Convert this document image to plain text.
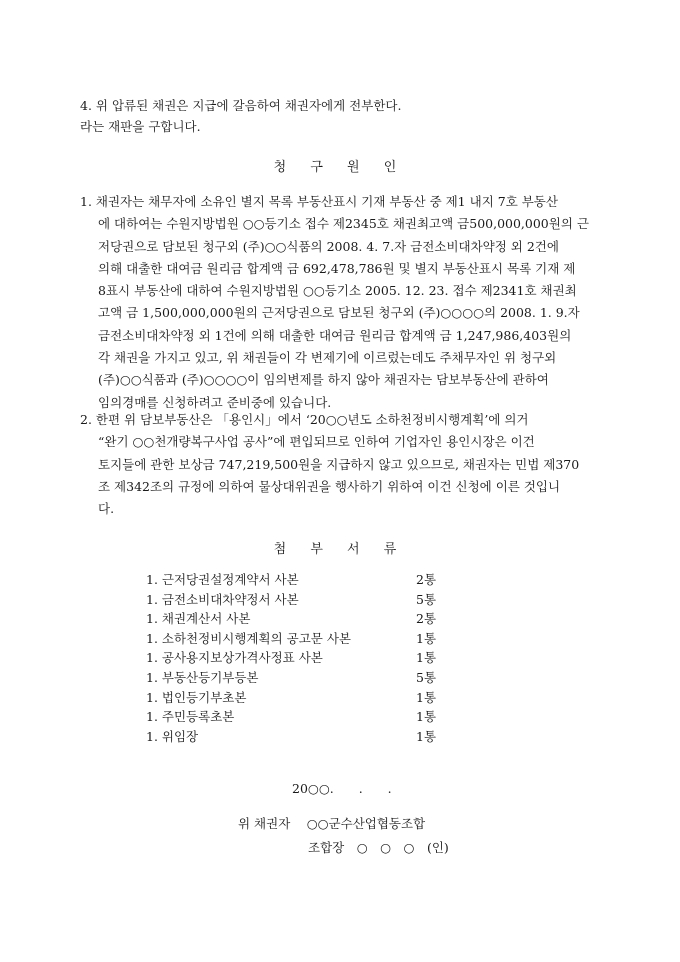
4. 위 압류된 채권은 지급에 갈음하여 채권자에게 전부한다.
라는 재판을 구합니다.
청 구 원 인
1. 채권자는 채무자에 소유인 별지 목록 부동산표시 기재 부동산 중 제1 내지 7호 부동산
에 대하여는 수원지방법원 ○○등기소 접수 제2345호 채권최고액 금500,000,000원의 근
저당권으로 담보된 청구외 (주)○○식품의 2008. 4. 7.자 금전소비대차약정 외 2건에
의해 대출한 대여금 원리금 합계액 금 692,478,786원 및 별지 부동산표시 목록 기재 제
8표시 부동산에 대하여 수원지방법원 ○○등기소 2005. 12. 23. 접수 제2341호 채권최
고액 금 1,500,000,000원의 근저당권으로 담보된 청구외 (주)○○○○의 2008. 1. 9.자
금전소비대차약정 외 1건에 의해 대출한 대여금 원리금 합계액 금 1,247,986,403원의
각 채권을 가지고 있고, 위 채권들이 각 변제기에 이르렀는데도 주채무자인 위 청구외
(주)○○식품과 (주)○○○○이 임의변제를 하지 않아 채권자는 담보부동산에 관하여
임의경매를 신청하려고 준비중에 있습니다.
2. 한편 위 담보부동산은 「용인시」에서 ‘20○○년도 소하천정비시행계획’에 의거
“완기 ○○천개량복구사업 공사”에 편입되므로 인하여 기업자인 용인시장은 이건
토지들에 관한 보상금 747,219,500원을 지급하지 않고 있으므로, 채권자는 민법 제370
조 제342조의 규정에 의하여 물상대위권을 행사하기 위하여 이건 신청에 이른 것입니
다.
첨 부 서 류
1. 근저당권설정계약서 사본	2통
1. 금전소비대차약정서 사본	5통
1. 채권계산서 사본	2통
1. 소하천정비시행계획의 공고문 사본	1통
1. 공사용지보상가격사정표 사본	1통
1. 부동산등기부등본	5통
1. 법인등기부초본	1통
1. 주민등록초본	1통
1. 위임장	1통
20○○.　　.　　.
위 채권자　 ○○군수산업협동조합
조합장　○　○　○　(인)
